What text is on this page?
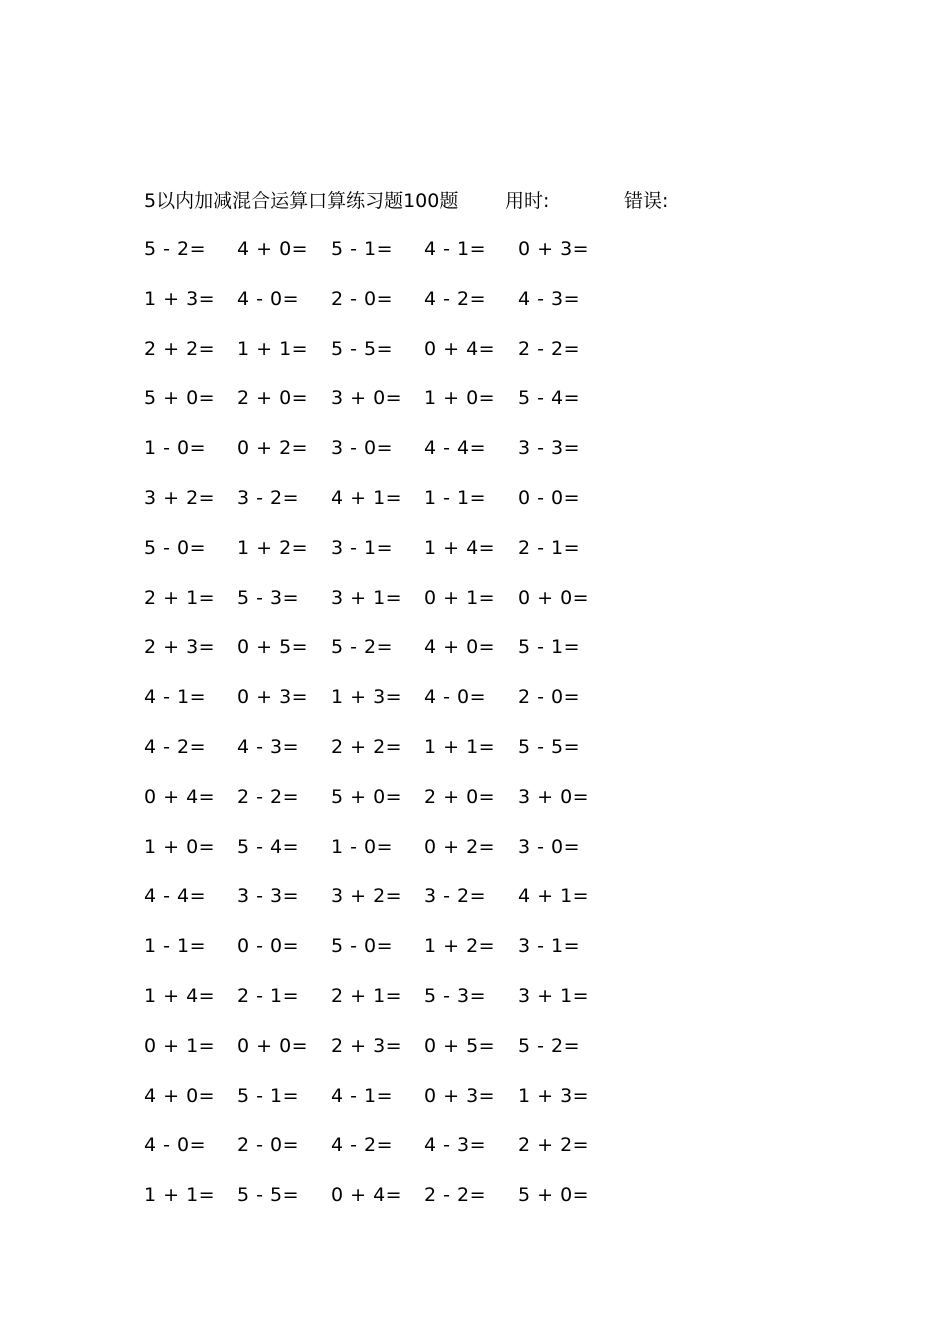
5以内加减混合运算口算练习题100题 用时:	错误:
5 - 2= 4 + 0= 5 - 1= 4 - 1= 0 + 3=
1 + 3= 4 - 0= 2 - 0= 4 - 2= 4 - 3=
2 + 2= 1 + 1= 5 - 5= 0 + 4= 2 - 2=
5 + 0= 2 + 0= 3 + 0= 1 + 0= 5 - 4=
1 - 0= 0 + 2= 3 - 0= 4 - 4= 3 - 3=
3 + 2= 3 - 2= 4 + 1= 1 - 1= 0 - 0=
5 - 0= 1 + 2= 3 - 1= 1 + 4= 2 - 1=
2 + 1= 5 - 3= 3 + 1= 0 + 1= 0 + 0=
2 + 3= 0 + 5= 5 - 2= 4 + 0= 5 - 1=
4 - 1= 0 + 3= 1 + 3= 4 - 0= 2 - 0=
4 - 2= 4 - 3= 2 + 2= 1 + 1= 5 - 5=
0 + 4= 2 - 2= 5 + 0= 2 + 0= 3 + 0=
1 + 0= 5 - 4= 1 - 0= 0 + 2= 3 - 0=
4 - 4= 3 - 3= 3 + 2= 3 - 2= 4 + 1=
1 - 1= 0 - 0= 5 - 0= 1 + 2= 3 - 1=
1 + 4= 2 - 1= 2 + 1= 5 - 3= 3 + 1=
0 + 1= 0 + 0= 2 + 3= 0 + 5= 5 - 2=
4 + 0= 5 - 1= 4 - 1= 0 + 3= 1 + 3=
4 - 0= 2 - 0= 4 - 2= 4 - 3= 2 + 2=
1 + 1= 5 - 5= 0 + 4= 2 - 2= 5 + 0=
